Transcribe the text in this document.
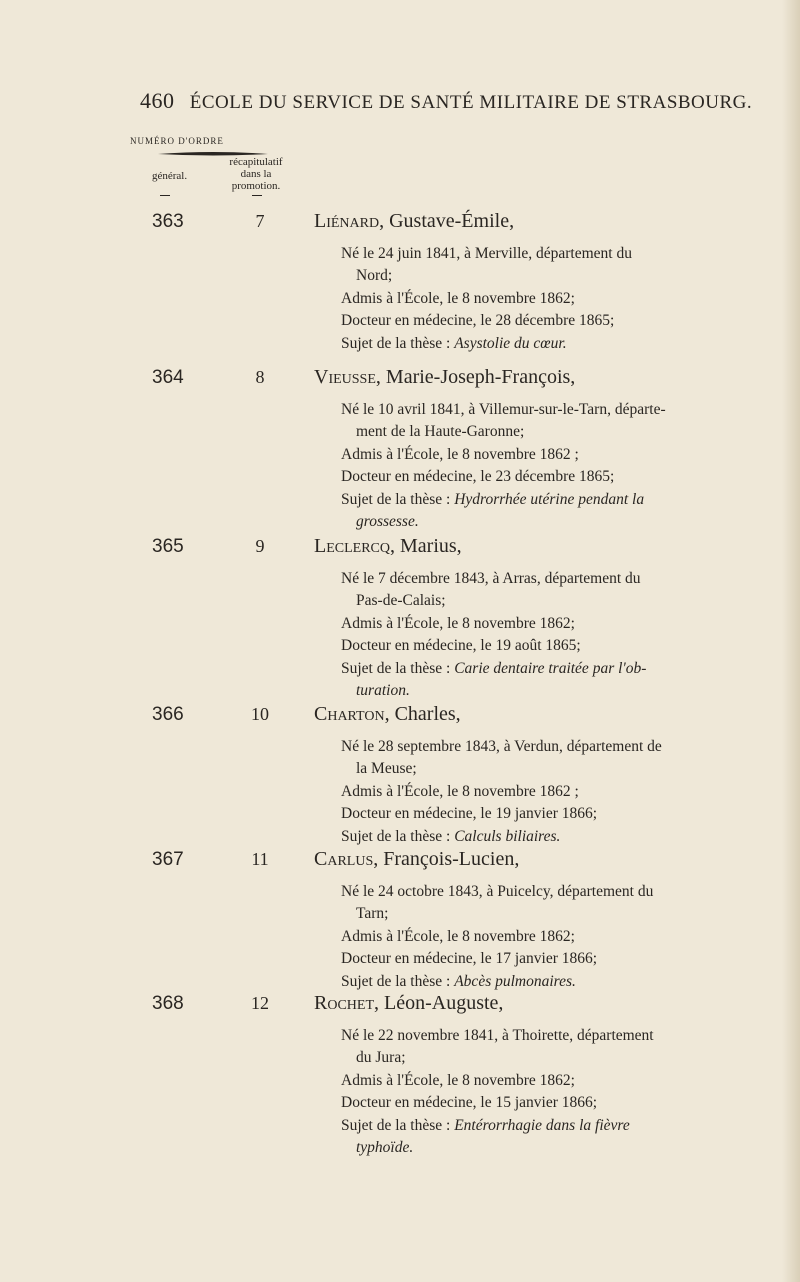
460 ÉCOLE DU SERVICE DE SANTÉ MILITAIRE DE STRASBOURG.
NUMÉRO D'ORDRE
général.
récapitulatif
dans la
promotion.
363	7	Liénard, Gustave-Émile,
Né le 24 juin 1841, à Merville, département du
Nord;
Admis à l'École, le 8 novembre 1862;
Docteur en médecine, le 28 décembre 1865;
Sujet de la thèse : Asystolie du cœur.
364	8	Vieusse, Marie-Joseph-François,
Né le 10 avril 1841, à Villemur-sur-le-Tarn, départe-
ment de la Haute-Garonne;
Admis à l'École, le 8 novembre 1862 ;
Docteur en médecine, le 23 décembre 1865;
Sujet de la thèse : Hydrorrhée utérine pendant la
grossesse.
365	9	Leclercq, Marius,
Né le 7 décembre 1843, à Arras, département du
Pas-de-Calais;
Admis à l'École, le 8 novembre 1862;
Docteur en médecine, le 19 août 1865;
Sujet de la thèse : Carie dentaire traitée par l'ob-
turation.
366	10	Charton, Charles,
Né le 28 septembre 1843, à Verdun, département de
la Meuse;
Admis à l'École, le 8 novembre 1862 ;
Docteur en médecine, le 19 janvier 1866;
Sujet de la thèse : Calculs biliaires.
367	11	Carlus, François-Lucien,
Né le 24 octobre 1843, à Puicelcy, département du
Tarn;
Admis à l'École, le 8 novembre 1862;
Docteur en médecine, le 17 janvier 1866;
Sujet de la thèse : Abcès pulmonaires.
368	12	Rochet, Léon-Auguste,
Né le 22 novembre 1841, à Thoirette, département
du Jura;
Admis à l'École, le 8 novembre 1862;
Docteur en médecine, le 15 janvier 1866;
Sujet de la thèse : Entérorrhagie dans la fièvre
typhoïde.
